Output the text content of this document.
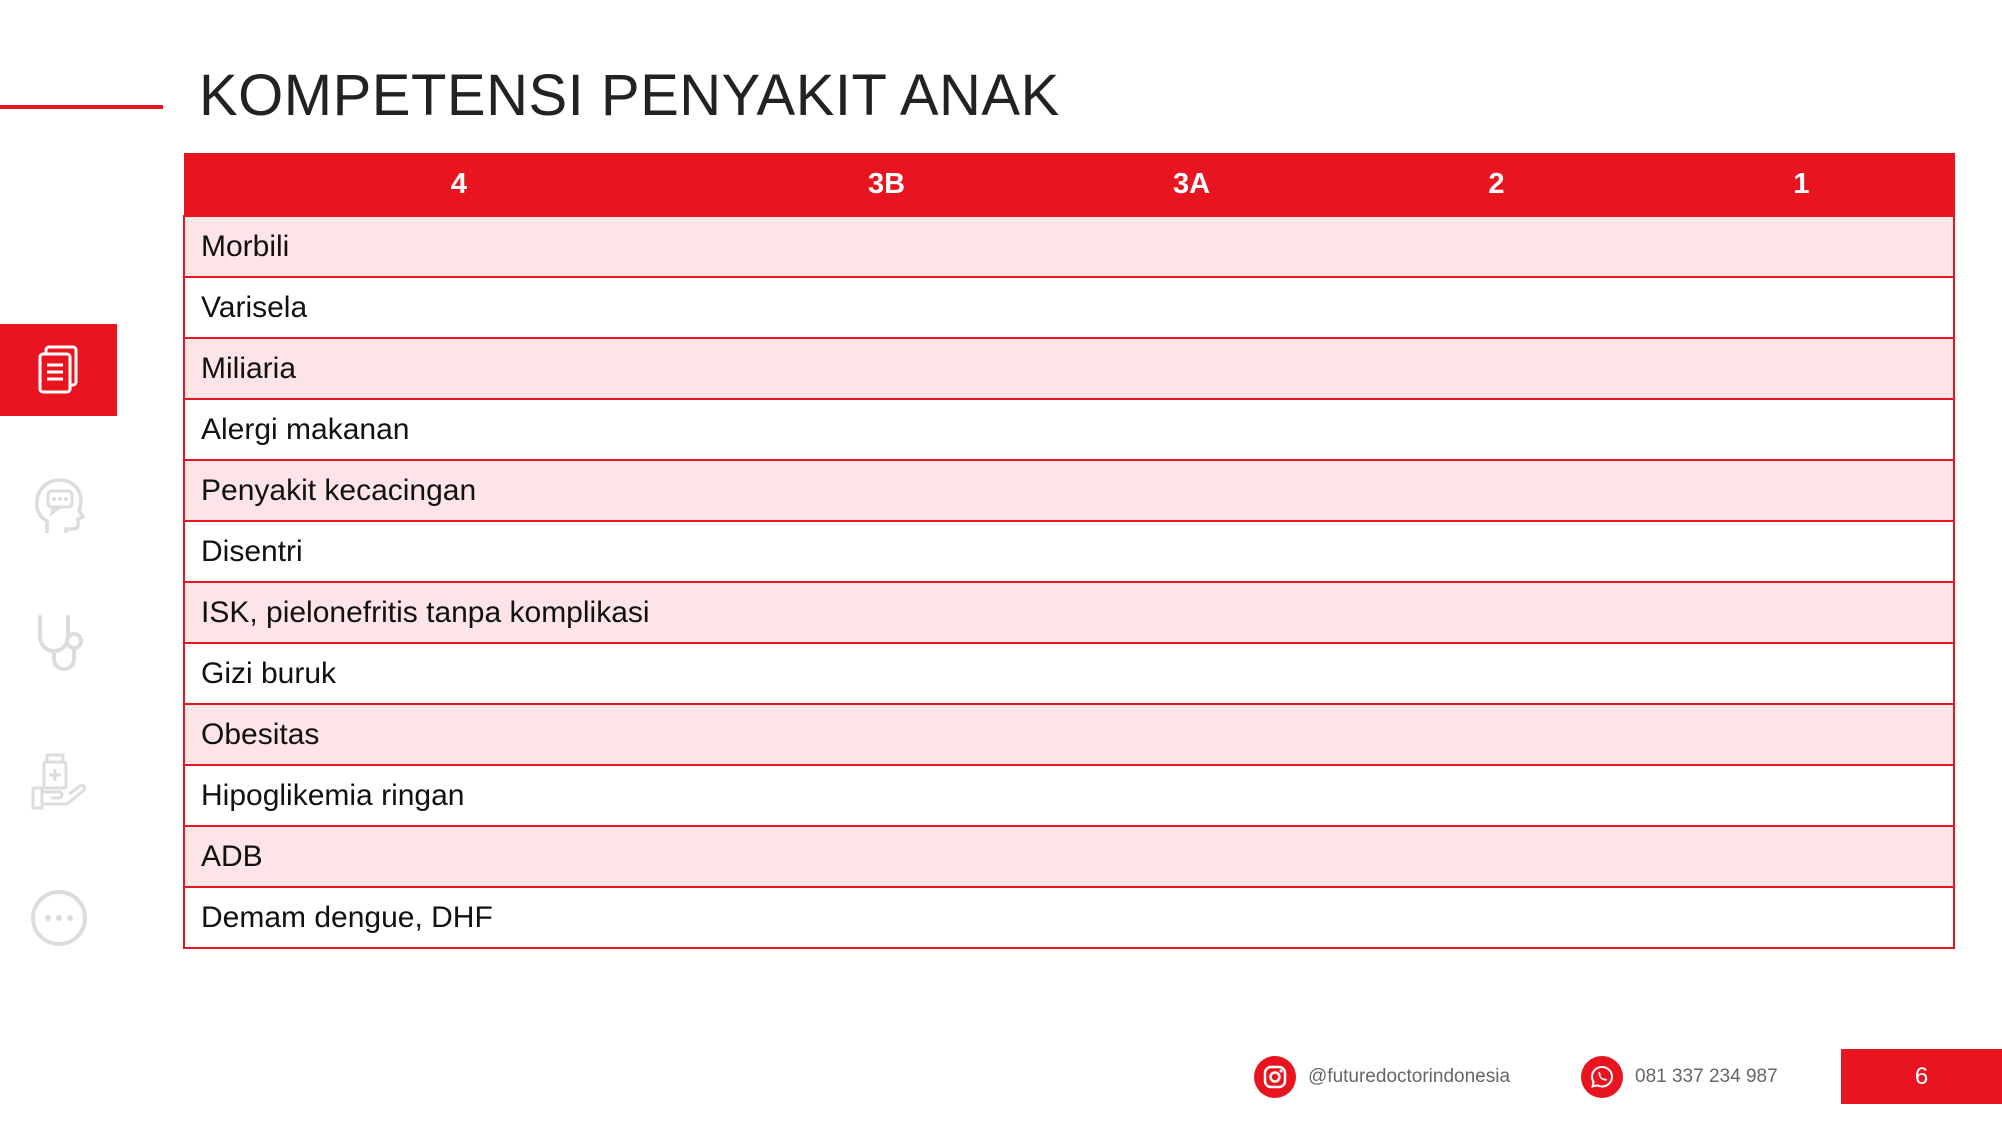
KOMPETENSI PENYAKIT ANAK
4	3B	3A	2	1
Morbili				
Varisela				
Miliaria				
Alergi makanan				
Penyakit kecacingan				
Disentri				
ISK, pielonefritis tanpa komplikasi				
Gizi buruk				
Obesitas				
Hipoglikemia ringan				
ADB				
Demam dengue, DHF				
@futuredoctorindonesia	081 337 234 987	6
